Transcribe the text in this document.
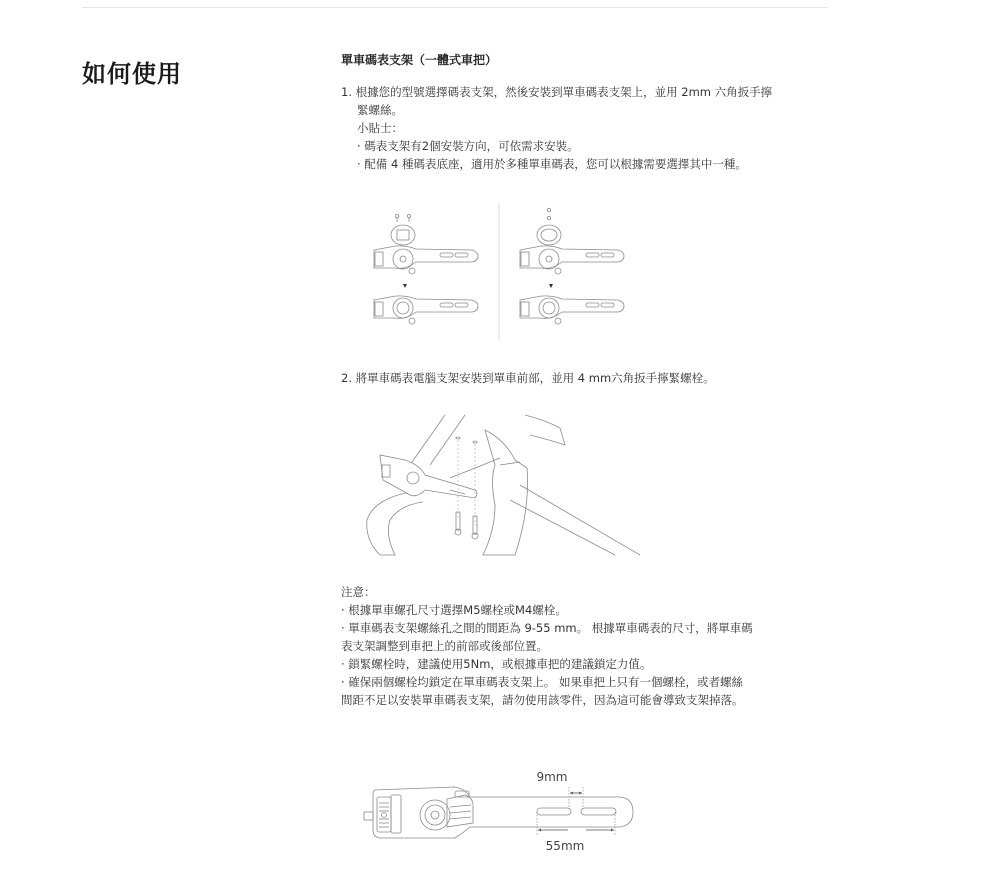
如何使用	單車碼表支架（一體式車把）
1. 根據您的型號選擇碼表支架，然後安裝到單車碼表支架上，並用 2mm 六角扳手擰
緊螺絲。
小貼士：
· 碼表支架有2個安裝方向，可依需求安裝。
· 配備 4 種碼表底座，適用於多種單車碼表，您可以根據需要選擇其中一種。
2. 將單車碼表電腦支架安裝到單車前部，並用 4 mm六角扳手擰緊螺栓。
注意：
· 根據單車螺孔尺寸選擇M5螺栓或M4螺栓。
· 單車碼表支架螺絲孔之間的間距為 9-55 mm。 根據單車碼表的尺寸，將單車碼
表支架調整到車把上的前部或後部位置。
· 鎖緊螺栓時，建議使用5Nm，或根據車把的建議鎖定力值。
· 確保兩個螺栓均鎖定在單車碼表支架上。 如果車把上只有一個螺栓，或者螺絲
間距不足以安裝單車碼表支架，請勿使用該零件，因為這可能會導致支架掉落。
9mm
55mm
